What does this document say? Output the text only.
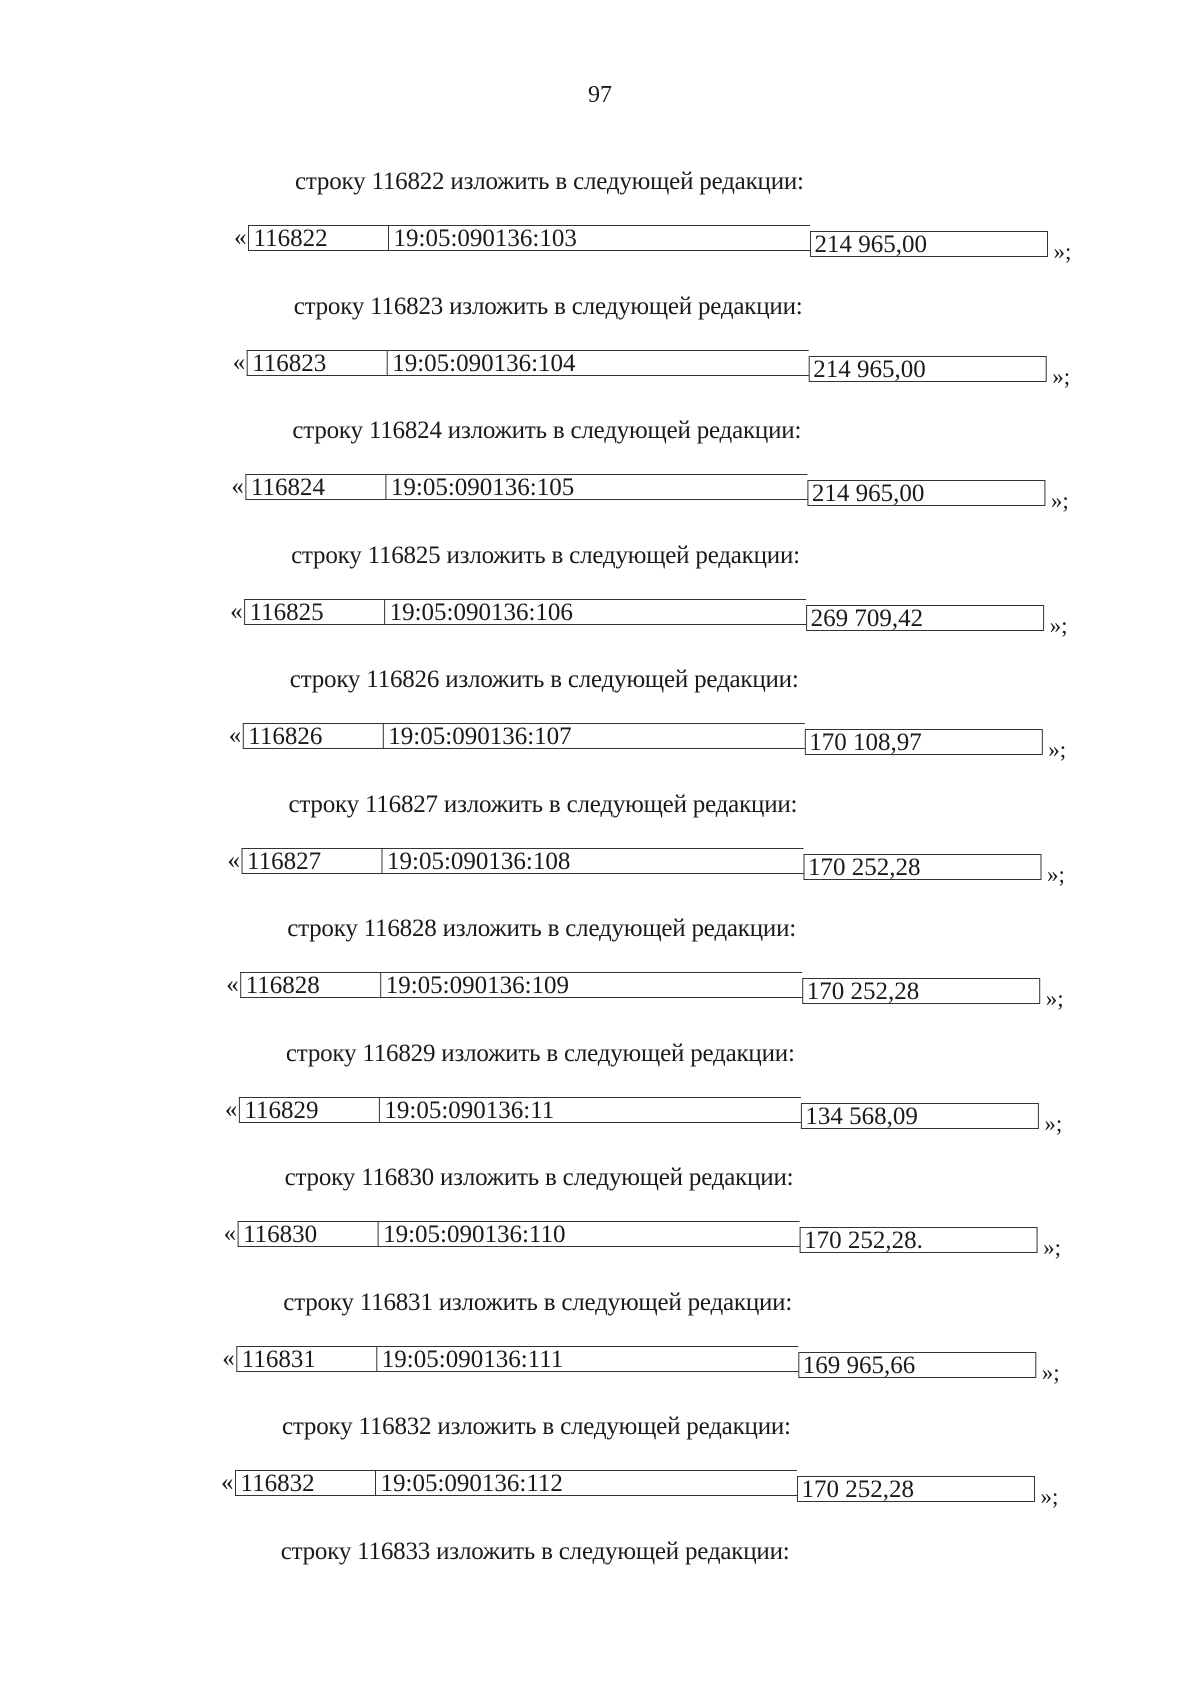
97
строку 116822 изложить в следующей редакции:
« 116822	19:05:090136:103	214 965,00	»;
строку 116823 изложить в следующей редакции:
« 116823	19:05:090136:104	214 965,00	»;
строку 116824 изложить в следующей редакции:
« 116824	19:05:090136:105	214 965,00	»;
строку 116825 изложить в следующей редакции:
« 116825	19:05:090136:106	269 709,42	»;
строку 116826 изложить в следующей редакции:
« 116826	19:05:090136:107	170 108,97	»;
строку 116827 изложить в следующей редакции:
« 116827	19:05:090136:108	170 252,28	»;
строку 116828 изложить в следующей редакции:
« 116828	19:05:090136:109	170 252,28	»;
строку 116829 изложить в следующей редакции:
« 116829	19:05:090136:11	134 568,09	»;
строку 116830 изложить в следующей редакции:
« 116830	19:05:090136:110	170 252,28.	»;
строку 116831 изложить в следующей редакции:
« 116831	19:05:090136:111	169 965,66	»;
строку 116832 изложить в следующей редакции:
« 116832	19:05:090136:112	170 252,28	»;
строку 116833 изложить в следующей редакции:
